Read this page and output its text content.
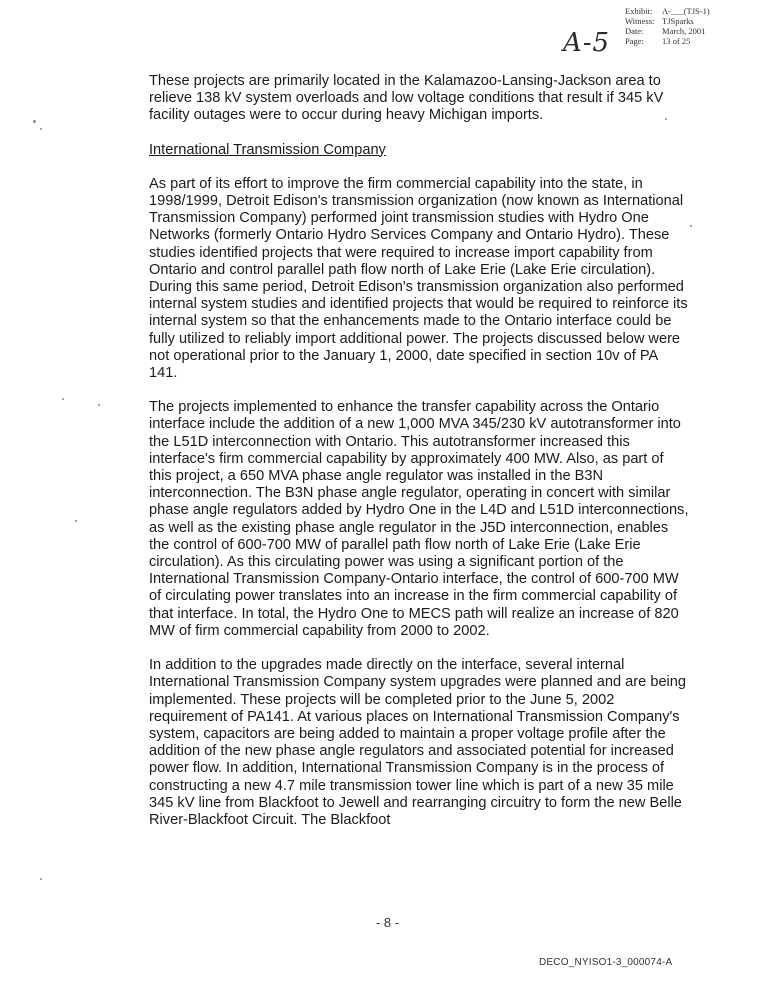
A-5
Exhibit:	A-___(TJS-1)
Witness: TJSparks
Date:	March, 2001
Page:	13 of 25

These projects are primarily located in the Kalamazoo-Lansing-Jackson area to relieve 138 kV system overloads and low voltage conditions that result if 345 kV facility outages were to occur during heavy Michigan imports.

International Transmission Company

As part of its effort to improve the firm commercial capability into the state, in 1998/1999, Detroit Edison's transmission organization (now known as International Transmission Company) performed joint transmission studies with Hydro One Networks (formerly Ontario Hydro Services Company and Ontario Hydro). These studies identified projects that were required to increase import capability from Ontario and control parallel path flow north of Lake Erie (Lake Erie circulation). During this same period, Detroit Edison's transmission organization also performed internal system studies and identified projects that would be required to reinforce its internal system so that the enhancements made to the Ontario interface could be fully utilized to reliably import additional power. The projects discussed below were not operational prior to the January 1, 2000, date specified in section 10v of PA 141.

The projects implemented to enhance the transfer capability across the Ontario interface include the addition of a new 1,000 MVA 345/230 kV autotransformer into the L51D interconnection with Ontario. This autotransformer increased this interface's firm commercial capability by approximately 400 MW. Also, as part of this project, a 650 MVA phase angle regulator was installed in the B3N interconnection. The B3N phase angle regulator, operating in concert with similar phase angle regulators added by Hydro One in the L4D and L51D interconnections, as well as the existing phase angle regulator in the J5D interconnection, enables the control of 600-700 MW of parallel path flow north of Lake Erie (Lake Erie circulation). As this circulating power was using a significant portion of the International Transmission Company-Ontario interface, the control of 600-700 MW of circulating power translates into an increase in the firm commercial capability of that interface. In total, the Hydro One to MECS path will realize an increase of 820 MW of firm commercial capability from 2000 to 2002.

In addition to the upgrades made directly on the interface, several internal International Transmission Company system upgrades were planned and are being implemented. These projects will be completed prior to the June 5, 2002 requirement of PA141. At various places on International Transmission Company's system, capacitors are being added to maintain a proper voltage profile after the addition of the new phase angle regulators and associated potential for increased power flow. In addition, International Transmission Company is in the process of constructing a new 4.7 mile transmission tower line which is part of a new 35 mile 345 kV line from Blackfoot to Jewell and rearranging circuitry to form the new Belle River-Blackfoot Circuit. The Blackfoot

- 8 -
DECO_NYISO1-3_000074-A
